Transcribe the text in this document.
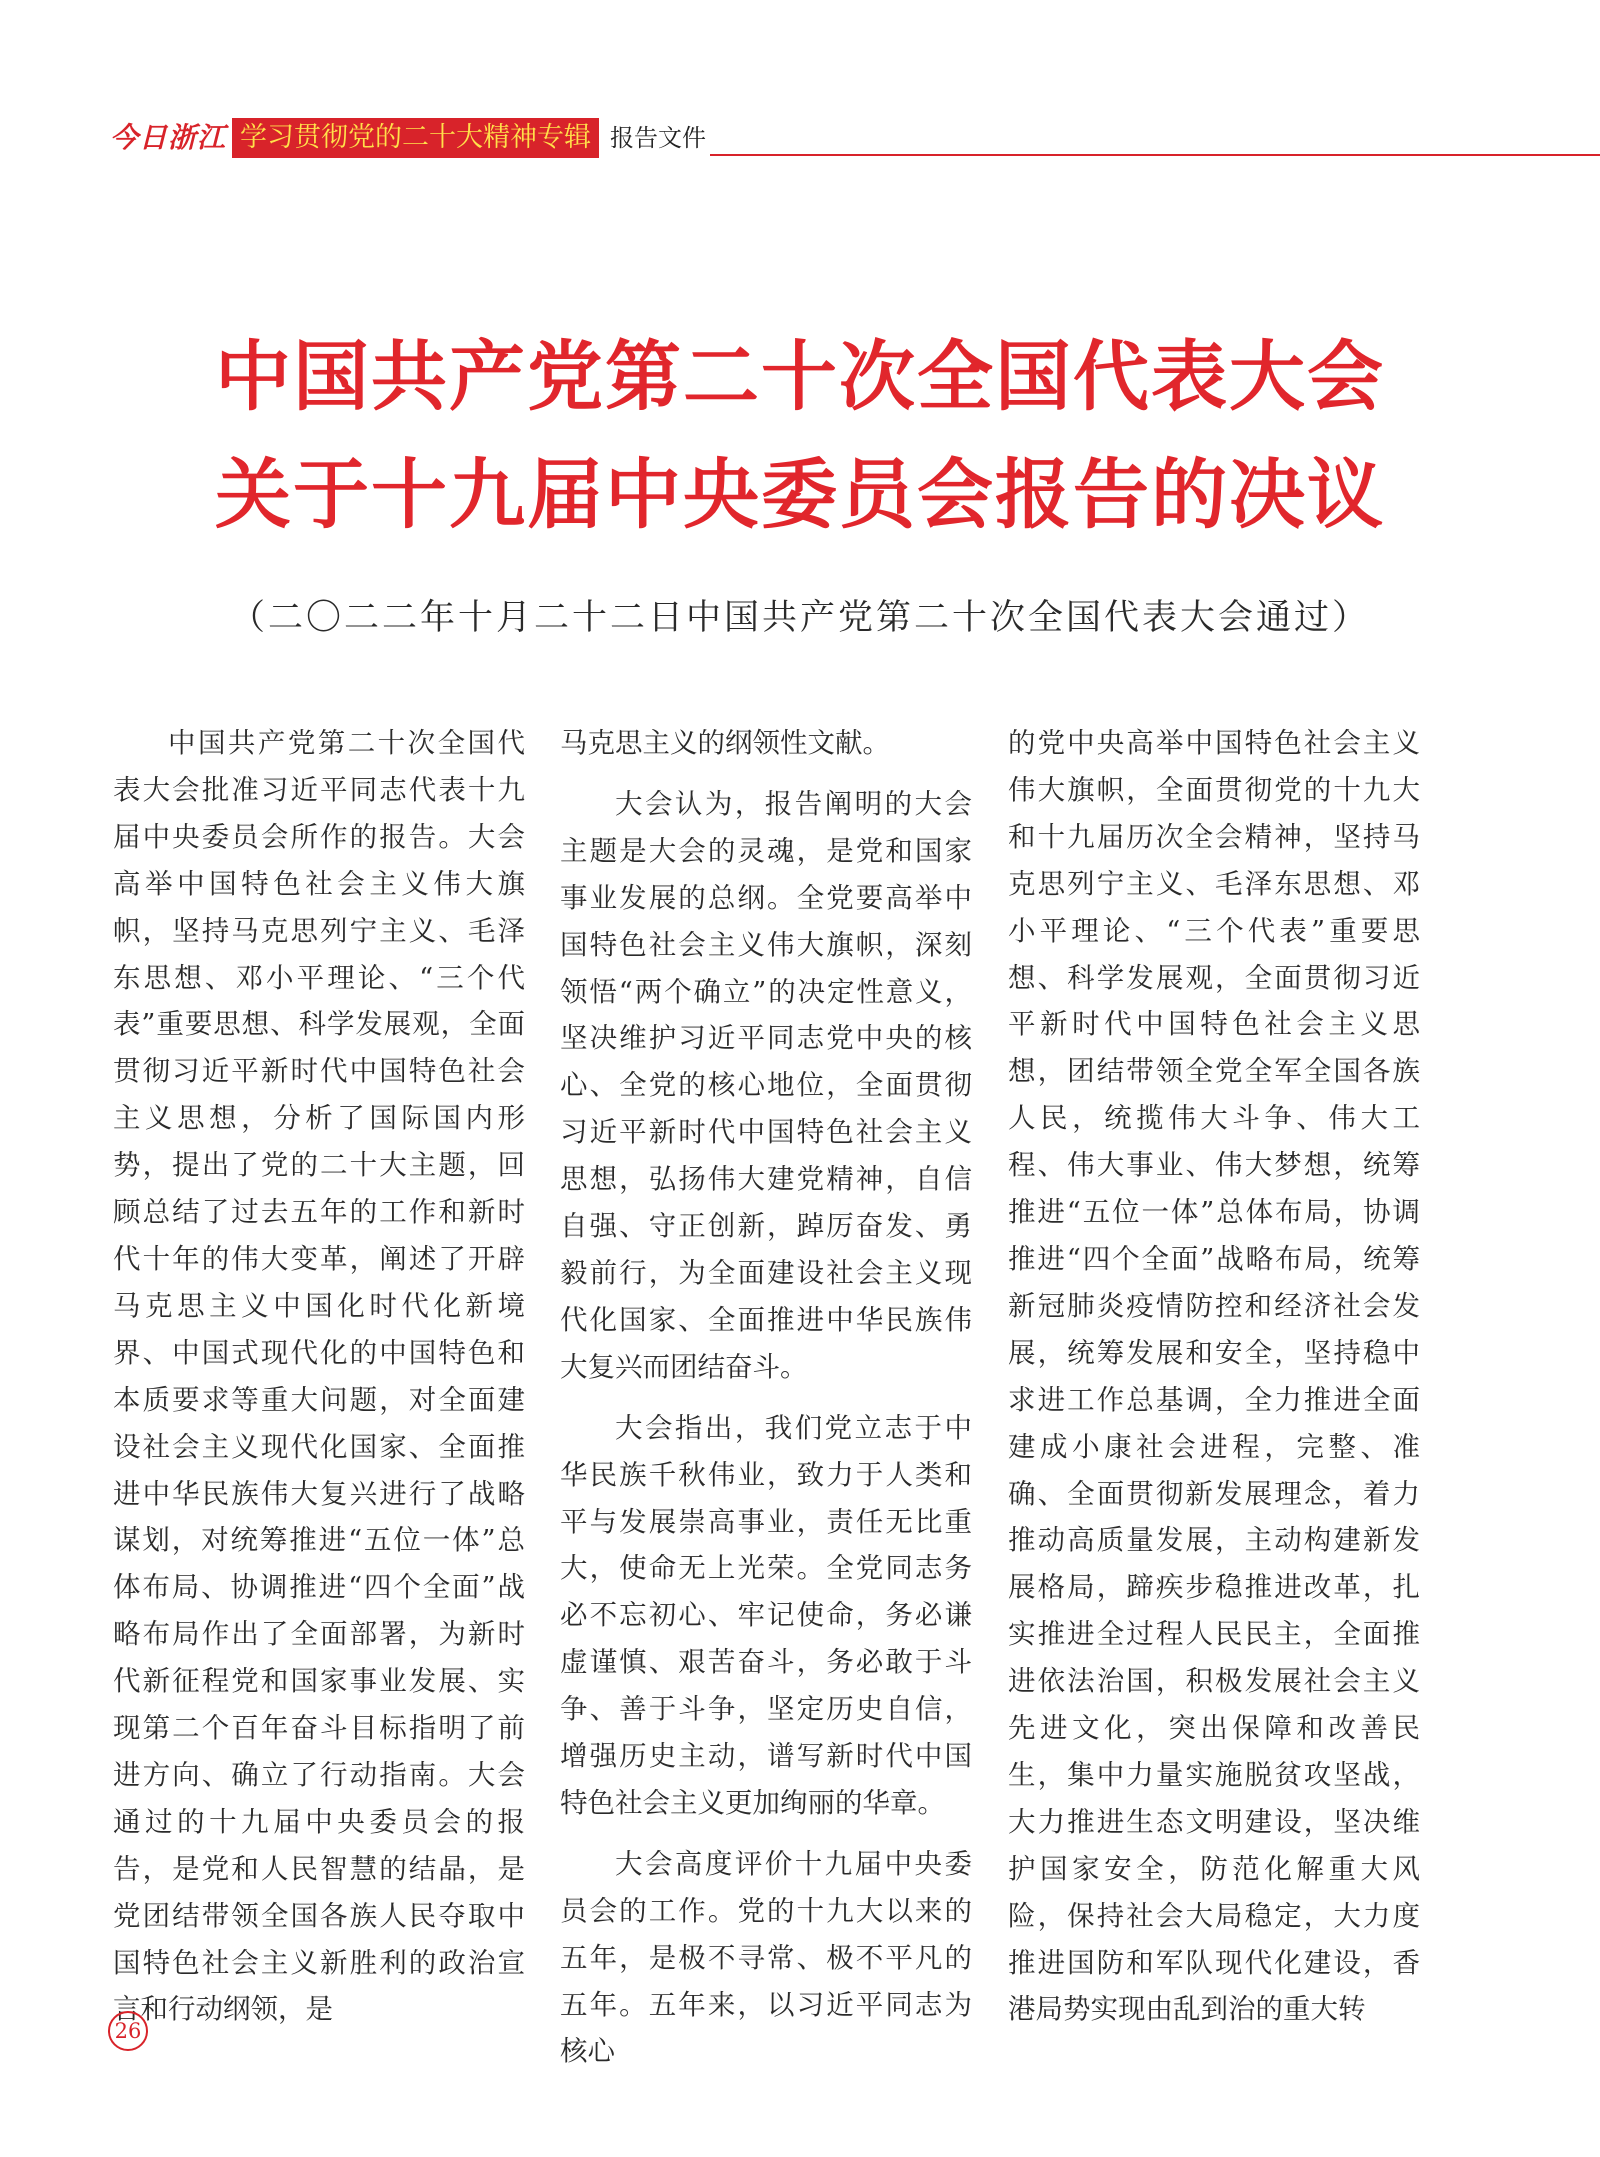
今日浙江 学习贯彻党的二十大精神专辑 报告文件
中国共产党第二十次全国代表大会
关于十九届中央委员会报告的决议
（二〇二二年十月二十二日中国共产党第二十次全国代表大会通过）

中国共产党第二十次全国代表大会批准习近平同志代表十九届中央委员会所作的报告。大会高举中国特色社会主义伟大旗帜，坚持马克思列宁主义、毛泽东思想、邓小平理论、“三个代表”重要思想、科学发展观，全面贯彻习近平新时代中国特色社会主义思想，分析了国际国内形势，提出了党的二十大主题，回顾总结了过去五年的工作和新时代十年的伟大变革，阐述了开辟马克思主义中国化时代化新境界、中国式现代化的中国特色和本质要求等重大问题，对全面建设社会主义现代化国家、全面推进中华民族伟大复兴进行了战略谋划，对统筹推进“五位一体”总体布局、协调推进“四个全面”战略布局作出了全面部署，为新时代新征程党和国家事业发展、实现第二个百年奋斗目标指明了前进方向、确立了行动指南。大会通过的十九届中央委员会的报告，是党和人民智慧的结晶，是党团结带领全国各族人民夺取中国特色社会主义新胜利的政治宣言和行动纲领，是

马克思主义的纲领性文献。

大会认为，报告阐明的大会主题是大会的灵魂，是党和国家事业发展的总纲。全党要高举中国特色社会主义伟大旗帜，深刻领悟“两个确立”的决定性意义，坚决维护习近平同志党中央的核心、全党的核心地位，全面贯彻习近平新时代中国特色社会主义思想，弘扬伟大建党精神，自信自强、守正创新，踔厉奋发、勇毅前行，为全面建设社会主义现代化国家、全面推进中华民族伟大复兴而团结奋斗。

大会指出，我们党立志于中华民族千秋伟业，致力于人类和平与发展崇高事业，责任无比重大，使命无上光荣。全党同志务必不忘初心、牢记使命，务必谦虚谨慎、艰苦奋斗，务必敢于斗争、善于斗争，坚定历史自信，增强历史主动，谱写新时代中国特色社会主义更加绚丽的华章。

大会高度评价十九届中央委员会的工作。党的十九大以来的五年，是极不寻常、极不平凡的五年。五年来，以习近平同志为核心

的党中央高举中国特色社会主义伟大旗帜，全面贯彻党的十九大和十九届历次全会精神，坚持马克思列宁主义、毛泽东思想、邓小平理论、“三个代表”重要思想、科学发展观，全面贯彻习近平新时代中国特色社会主义思想，团结带领全党全军全国各族人民，统揽伟大斗争、伟大工程、伟大事业、伟大梦想，统筹推进“五位一体”总体布局，协调推进“四个全面”战略布局，统筹新冠肺炎疫情防控和经济社会发展，统筹发展和安全，坚持稳中求进工作总基调，全力推进全面建成小康社会进程，完整、准确、全面贯彻新发展理念，着力推动高质量发展，主动构建新发展格局，蹄疾步稳推进改革，扎实推进全过程人民民主，全面推进依法治国，积极发展社会主义先进文化，突出保障和改善民生，集中力量实施脱贫攻坚战，大力推进生态文明建设，坚决维护国家安全，防范化解重大风险，保持社会大局稳定，大力度推进国防和军队现代化建设，香港局势实现由乱到治的重大转

26
